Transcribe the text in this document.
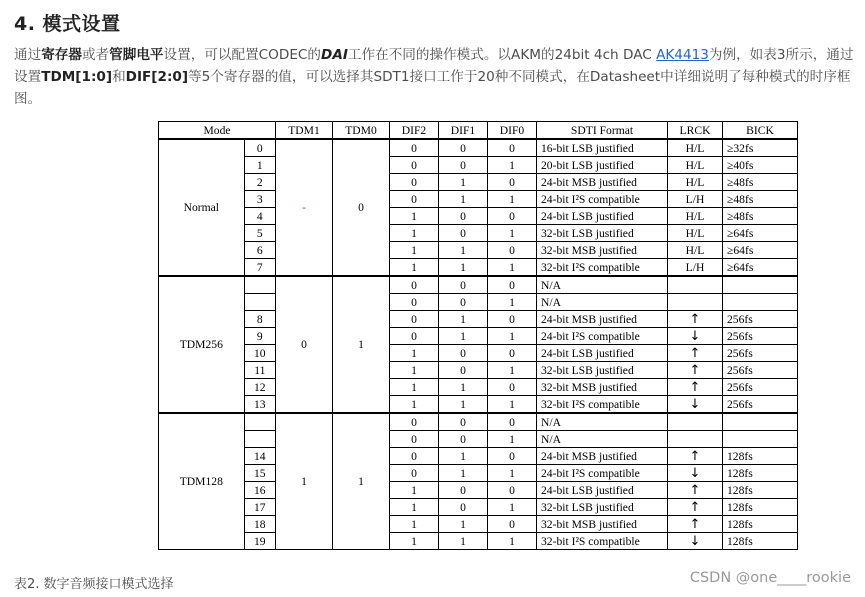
4. 模式设置

通过寄存器或者管脚电平设置，可以配置CODEC的DAI工作在不同的操作模式。以AKM的24bit 4ch DAC AK4413为例，如表3所示，通过设置TDM[1:0]和DIF[2:0]等5个寄存器的值，可以选择其SDT1接口工作于20种不同模式，在Datasheet中详细说明了每种模式的时序框图。

Mode		TDM1	TDM0	DIF2	DIF1	DIF0	SDTI Format	LRCK	BICK
Normal	0	-	0	0	0	0	16-bit LSB justified	H/L	≥32fs
	1			0	0	1	20-bit LSB justified	H/L	≥40fs
	2			0	1	0	24-bit MSB justified	H/L	≥48fs
	3			0	1	1	24-bit I²S compatible	L/H	≥48fs
	4			1	0	0	24-bit LSB justified	H/L	≥48fs
	5			1	0	1	32-bit LSB justified	H/L	≥64fs
	6			1	1	0	32-bit MSB justified	H/L	≥64fs
	7			1	1	1	32-bit I²S compatible	L/H	≥64fs
TDM256		0	1	0	0	0	N/A		
				0	0	1	N/A		
	8			0	1	0	24-bit MSB justified	↑	256fs
	9			0	1	1	24-bit I²S compatible	↓	256fs
	10			1	0	0	24-bit LSB justified	↑	256fs
	11			1	0	1	32-bit LSB justified	↑	256fs
	12			1	1	0	32-bit MSB justified	↑	256fs
	13			1	1	1	32-bit I²S compatible	↓	256fs
TDM128		1	1	0	0	0	N/A		
				0	0	1	N/A		
	14			0	1	0	24-bit MSB justified	↑	128fs
	15			0	1	1	24-bit I²S compatible	↓	128fs
	16			1	0	0	24-bit LSB justified	↑	128fs
	17			1	0	1	32-bit LSB justified	↑	128fs
	18			1	1	0	32-bit MSB justified	↑	128fs
	19			1	1	1	32-bit I²S compatible	↓	128fs
表2. 数字音频接口模式选择	CSDN @one____rookie
